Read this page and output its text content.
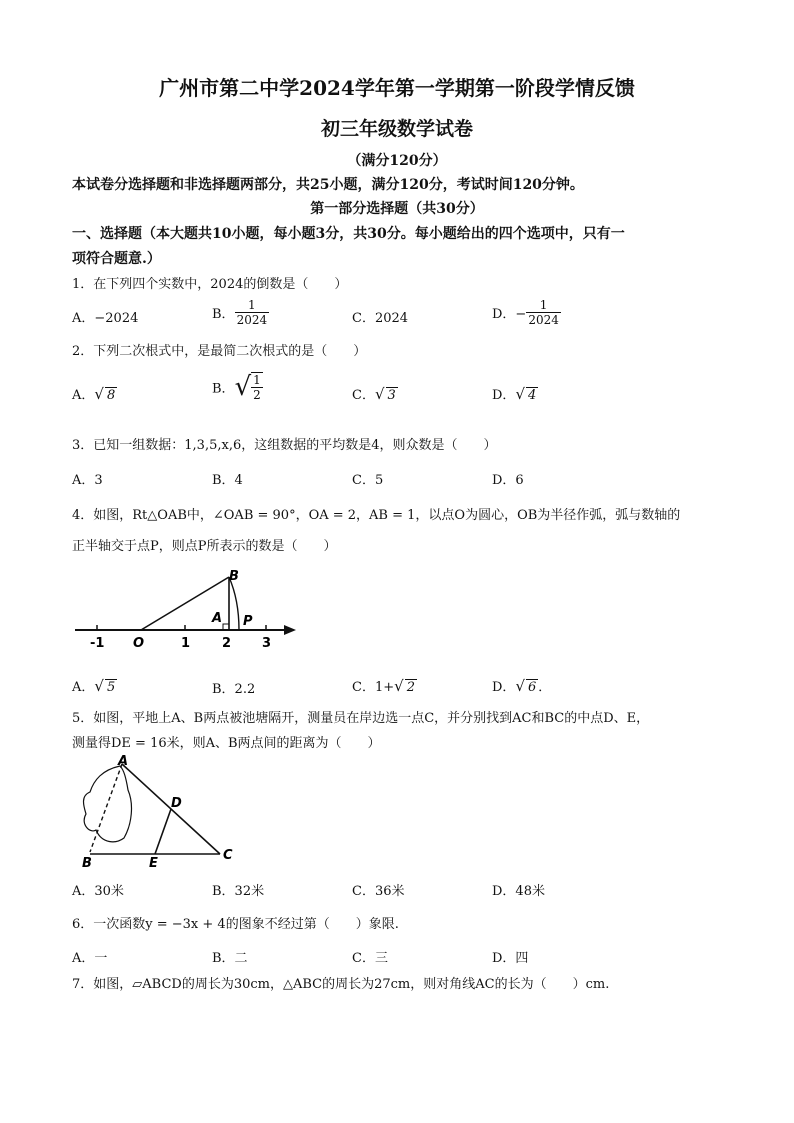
广州市第二中学2024学年第一学期第一阶段学情反馈
初三年级数学试卷
（满分120分）
本试卷分选择题和非选择题两部分，共25小题，满分120分，考试时间120分钟。
第一部分选择题（共30分）
一、选择题（本大题共10小题，每小题3分，共30分。每小题给出的四个选项中，只有一
项符合题意.）
1．在下列四个实数中，2024的倒数是（　　）
A．−2024	B． $\frac{1}{2024}$	C．2024	D．− $\frac{1}{2024}$
2．下列二次根式中，是最简二次根式的是（　　）
A．√ 8	B．√ $\frac{1}{2}$	C．√ 3	D．√ 4
3．已知一组数据：1,3,5,x,6，这组数据的平均数是4，则众数是（　　）
A．3	B．4	C．5	D．6
4．如图，Rt△OAB中，∠OAB = 90°，OA = 2，AB = 1，以点O为圆心，OB为半径作弧，弧与数轴的
正半轴交于点P，则点P所表示的数是（　　）
-1 O	1 2 3
A
B
P
A．√ 5	B．2.2	C．1+√ 2	D．√ 6 ．
5．如图，平地上A、B两点被池塘隔开，测量员在岸边选一点C，并分别找到AC和BC的中点D、E，
测量得DE = 16米，则A、B两点间的距离为（　　）
A
B
C
D
E
A．30米	B．32米	C．36米	D．48米
6．一次函数y = −3x + 4的图象不经过第（　　）象限.
A．一	B．二	C．三	D．四
7．如图，▱ABCD的周长为30cm，△ABC的周长为27cm，则对角线AC的长为（　　）cm.
